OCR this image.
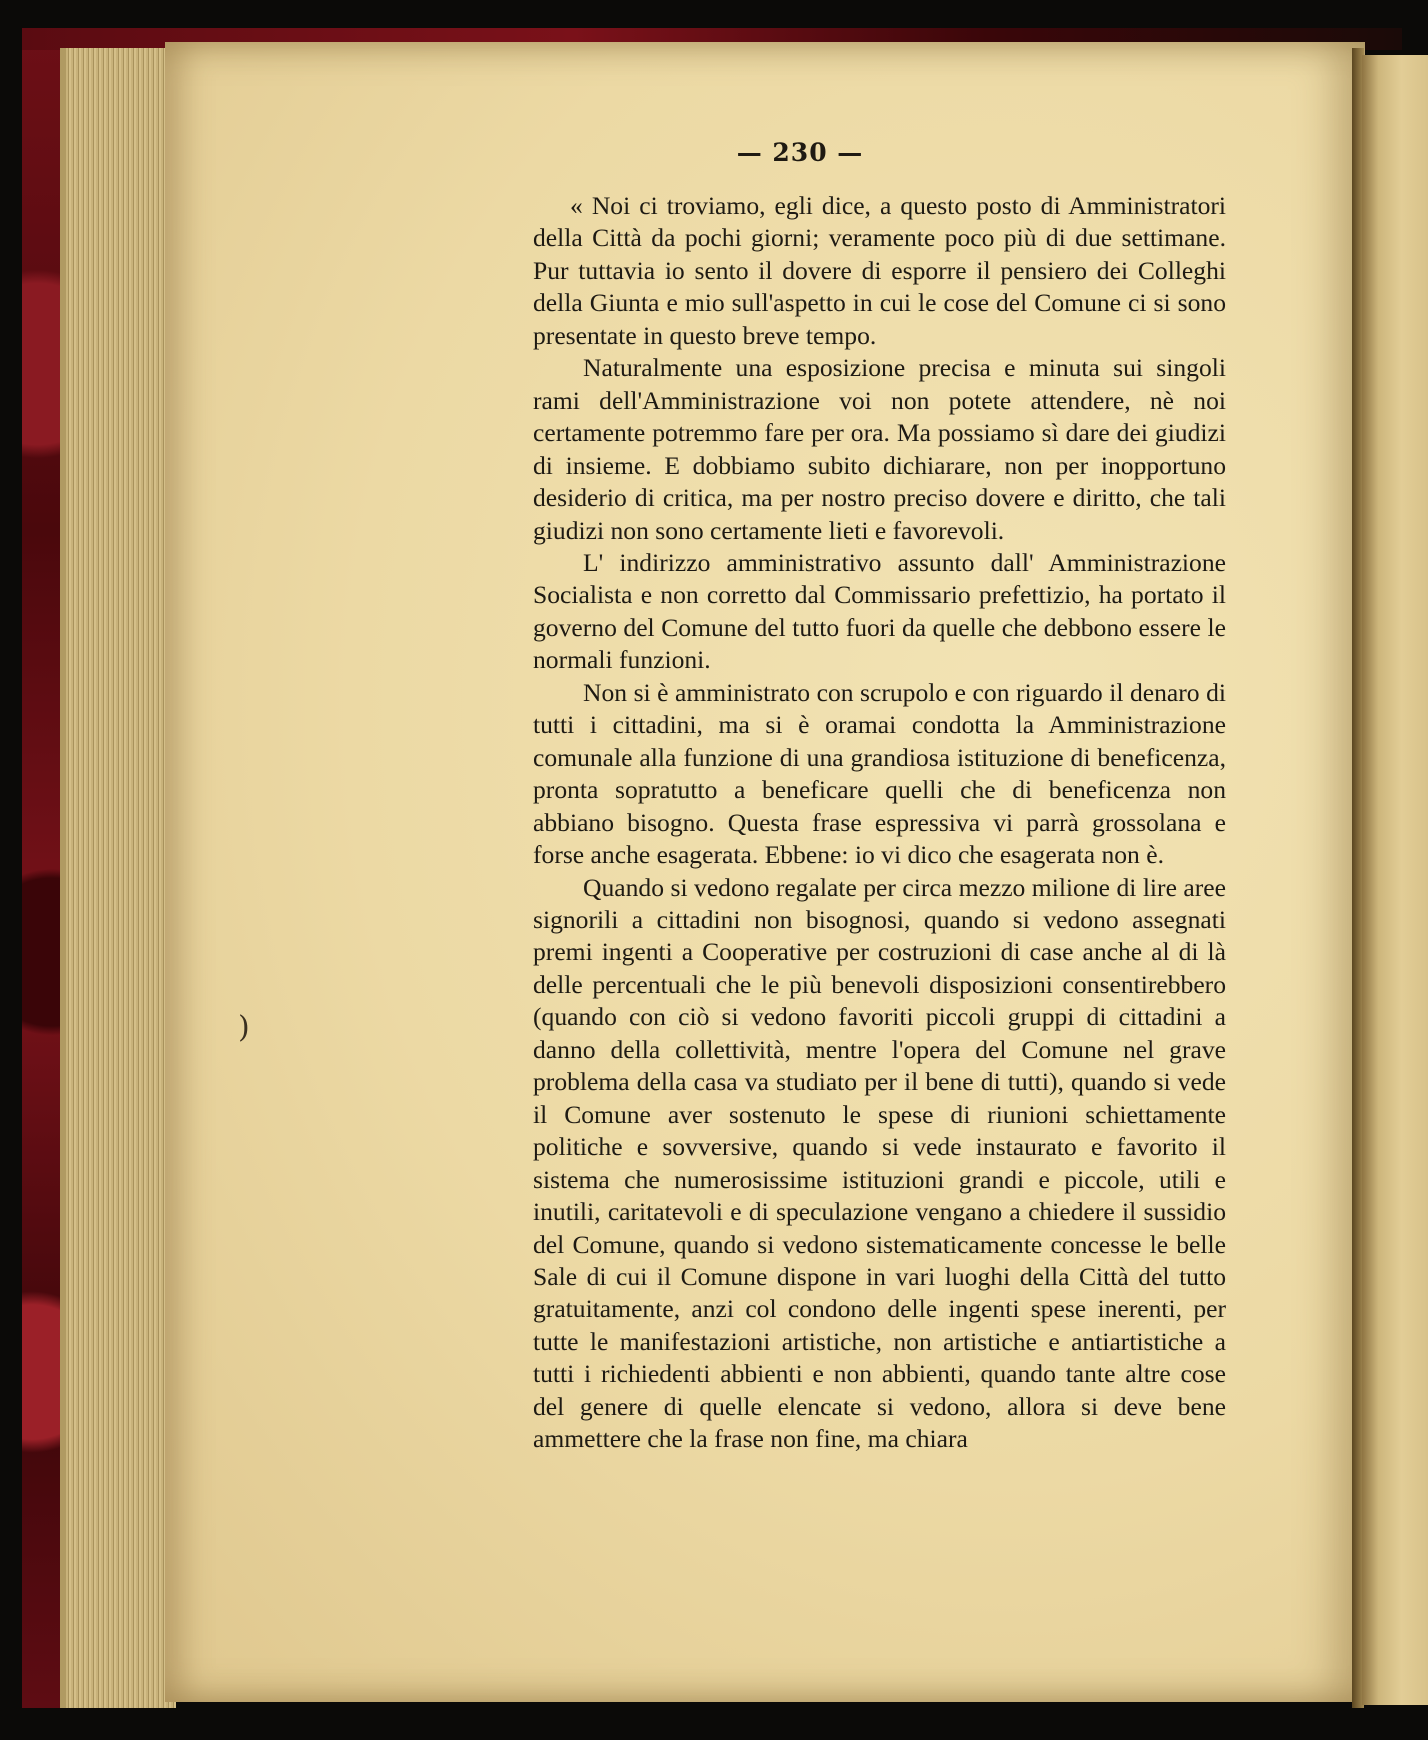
— 230 —

« Noi ci troviamo, egli dice, a questo posto di Amministratori della Città da pochi giorni; veramente poco più di due settimane. Pur tuttavia io sento il dovere di esporre il pensiero dei Colleghi della Giunta e mio sull'aspetto in cui le cose del Comune ci si sono presentate in questo breve tempo.

Naturalmente una esposizione precisa e minuta sui singoli rami dell'Amministrazione voi non potete attendere, nè noi certamente potremmo fare per ora. Ma possiamo sì dare dei giudizi di insieme. E dobbiamo subito dichiarare, non per inopportuno desiderio di critica, ma per nostro preciso dovere e diritto, che tali giudizi non sono certamente lieti e favorevoli.

L' indirizzo amministrativo assunto dall' Amministrazione Socialista e non corretto dal Commissario prefettizio, ha portato il governo del Comune del tutto fuori da quelle che debbono essere le normali funzioni.

Non si è amministrato con scrupolo e con riguardo il denaro di tutti i cittadini, ma si è oramai condotta la Amministrazione comunale alla funzione di una grandiosa istituzione di beneficenza, pronta sopratutto a beneficare quelli che di beneficenza non abbiano bisogno. Questa frase espressiva vi parrà grossolana e forse anche esagerata. Ebbene: io vi dico che esagerata non è.

Quando si vedono regalate per circa mezzo milione di lire aree signorili a cittadini non bisognosi, quando si vedono assegnati premi ingenti a Cooperative per costruzioni di case anche al di là delle percentuali che le più benevoli disposizioni consentirebbero (quando con ciò si vedono favoriti piccoli gruppi di cittadini a danno della collettività, mentre l'opera del Comune nel grave problema della casa va studiato per il bene di tutti), quando si vede il Comune aver sostenuto le spese di riunioni schiettamente politiche e sovversive, quando si vede instaurato e favorito il sistema che numerosissime istituzioni grandi e piccole, utili e inutili, caritatevoli e di speculazione vengano a chiedere il sussidio del Comune, quando si vedono sistematicamente concesse le belle Sale di cui il Comune dispone in vari luoghi della Città del tutto gratuitamente, anzi col condono delle ingenti spese inerenti, per tutte le manifestazioni artistiche, non artistiche e antiartistiche a tutti i richiedenti abbienti e non abbienti, quando tante altre cose del genere di quelle elencate si vedono, allora si deve bene ammettere che la frase non fine, ma chiara

)
